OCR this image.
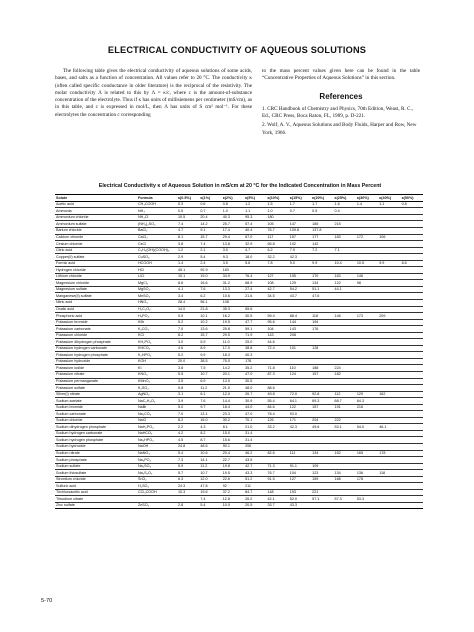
ELECTRICAL CONDUCTIVITY OF AQUEOUS SOLUTIONS

The following table gives the electrical conductivity of aqueous solutions of some acids, bases, and salts as a function of concentration. All values refer to 20 °C. The conductivity κ (often called specific conductance in older literature) is the reciprocal of the resistivity. The molar conductivity Λ is related to this by Λ = κ/c, where c is the amount-of-substance concentration of the electrolyte. Thus if κ has units of millisiemens per centimeter (mS/cm), as in this table, and c is expressed in mol/L, then Λ has units of S cm² mol⁻¹. For these electrolytes the concentration c corresponding

to the mass percent values given here can be found in the table “Concentrative Properties of Aqueous Solutions” in this section.

References
1. CRC Handbook of Chemistry and Physics, 70th Edition, Weast, R. C., Ed., CRC Press, Boca Raton, FL, 1989, p. D-221.
2. Wolf, A. V., Aqueous Solutions and Body Fluids, Harper and Row, New York, 1966.
Electrical Conductivity κ of Aqueous Solution in mS/cm at 20 °C for the Indicated Concentration in Mass Percent
Solute	Formula	κ(0.5%)	κ(1%)	κ(2%)	κ(5%)	κ(10%)	κ(15%)	κ(20%)	κ(25%)	κ(30%)	κ(40%)	κ(50%)
Acetic acid	CH₃COOH	0.3	0.6	0.8	1.2	1.5	1.7	1.7	1.6	1.4	1.1	0.8
Ammonia	NH₃	0.5	0.7	1.0	1.1	1.0	0.7	0.5	0.4			
Ammonium chloride	NH₄Cl	10.5	20.4	40.3	95.3	180						
Ammonium sulfate	(NH₄)₂SO₄	7.4	14.2	25.7	57.4	105	147	185	215			
Barium chloride	BaCl₂	4.7	9.1	17.4	40.4	76.7	109.8	137.8				
Calcium chloride	CaCl₂	8.1	15.7	29.4	67.0	117	157	177	183	172	106	
Cesium chloride	CsCl	3.8	7.4	13.8	32.9	65.8	102	142				
Citric acid	C₃H₄(OH)(COOH)₃	1.2	2.1	3.0	4.7	6.2	7.0	7.2	7.1			
Copper(II) sulfate	CuSO₄	2.9	5.4	9.3	18.0	32.2	42.3					
Formic acid	HCOOH	1.4	2.4	3.5	5.6	7.8	9.0	9.9	10.4	10.5	9.9	8.6
Hydrogen chloride	HCl	45.1	92.9	183								
Lithium chloride	LiCl	10.1	19.0	34.9	76.4	127	155	170	163	146		
Magnesium chloride	MgCl₂	8.6	16.6	31.2	68.9	108	129	134	122	98		
Magnesium sulfate	MgSO₄	4.1	7.6	13.3	27.4	42.7	54.2	51.1	44.1			
Manganese(II) sulfate	MnSO₄	3.4	6.2	10.6	21.6	34.5	43.7	47.6				
Nitric acid	HNO₃	28.4	56.1	108								
Oxalic acid	H₂C₂O₄	14.0	21.8	35.3	65.6							
Phosphoric acid	H₃PO₄	5.5	10.1	16.2	30.5	59.4	88.4	118	146	173	209	
Potassium bromide	KBr	5.2	10.2	19.5	47.7	95.6	144	194				
Potassium carbonate	K₂CO₃	7.0	13.6	25.8	59.1	104	143	176				
Potassium chloride	KCl	8.2	15.7	29.5	71.9	143	208					
Potassium dihydrogen phosphate	KH₂PO₄	3.0	5.9	11.0	25.0	44.6						
Potassium hydrogen carbonate	KHCO₃	4.6	8.9	17.0	38.8	72.4	101	128				
Potassium hydrogen phosphate	K₂HPO₄	5.2	9.9	18.3	40.3							
Potassium hydroxide	KOH	20.0	38.5	75.0	178							
Potassium iodide	KI	3.8	7.5	14.2	35.2	71.8	110	188	224			
Potassium nitrate	KNO₃	5.5	10.7	20.1	47.0	87.3	124	157	182			
Potassium permanganate	KMnO₄	3.5	6.9	13.0	30.5							
Potassium sulfate	K₂SO₄	5.8	11.2	21.0	48.0	88.6						
Silver(I) nitrate	AgNO₃	3.1	6.1	12.0	26.7	49.8	72.0	92.8	112	129	162	
Sodium acetate	NaC₂H₃O₂	3.9	7.6	14.4	30.9	55.4	64.1	69.3	68.7	64.3		
Sodium bromide	NaBr	5.0	9.7	18.4	44.0	84.6	122	157	191	216		
Sodium carbonate	Na₂CO₃	7.0	13.1	23.3	47.0	78.4	93.0					
Sodium chloride	NaCl	8.2	16.0	30.2	70.1	126	171	204	222			
Sodium dihydrogen phosphate	NaH₂PO₄	2.2	4.3	8.1	21.0	33.2	42.3	49.6	53.1	54.0	46.1	
Sodium hydrogen carbonate	NaHCO₃	4.2	8.2	15.0	31.4							
Sodium hydrogen phosphate	Na₂HPO₄	4.5	8.7	15.6	31.4							
Sodium hydroxide	NaOH	24.8	48.6	90.1	206							
Sodium nitrate	NaNO₃	5.4	10.6	20.4	46.2	82.6	111	134	152	165	178	
Sodium phosphate	Na₃PO₄	7.3	14.1	22.7	43.5							
Sodium sulfate	Na₂SO₄	5.9	11.2	19.8	42.7	71.3	91.1	109				
Sodium thiosulfate	Na₂S₂O₃	5.7	10.7	19.5	43.3	76.7	104	123	134	136	118	
Strontium chloride	SrCl₂	6.3	12.0	22.6	51.2	91.5	127	159	168	178		
Sulfuric acid	H₂SO₄	24.3	47.8	92	211							
Trichloroacetic acid	CCl₃COOH	10.3	19.6	37.2	84.7	148	193	221				
Trisodium citrate			7.4	12.8	26.2	42.1	52.0	57.1	57.3	53.3		
Zinc sulfate	ZnSO₄	2.8	5.4	10.0	20.5	33.7	43.3					
5-70
